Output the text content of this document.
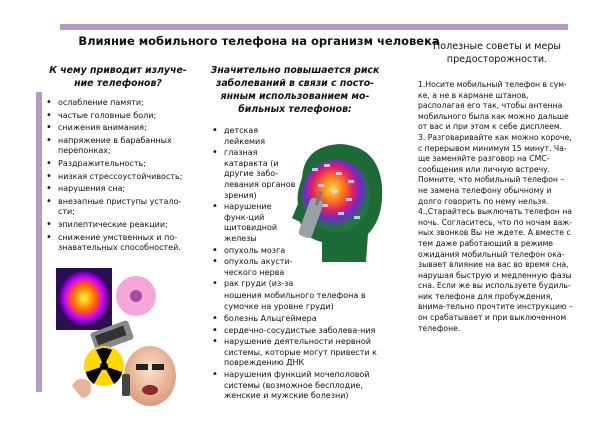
Влияние мобильного телефона на организм человека
К чему приводит излуче-ние телефонов?
• ослабление памяти;
• частые головные боли;
• снижения внимания;
• напряжение в барабанных перепонках;
• Раздражительность;
• низкая стрессоустойчивость;
• нарушения сна;
• внезапные приступы устало-сти;
• эпилептические реакции;
• снижение умственных и по-знавательных способностей.
Значительно повышается риск заболеваний в связи с посто-янным использованием мо-бильных телефонов:
• детская лейкемия
• глазная катаракта (и другие забо-левания органов зрения)
• нарушение функ-ций щитовидной железы
• опухоль мозга
• опухоль акусти-ческого нерва
• рак груди (из-за
ношения мобильного телефона в сумочке на уровне груди)
• болезнь Альцгеймера
• сердечно-сосудистые заболева-ния
• нарушение деятельности нервной системы, которые могут привести к повреждению ДНК
• нарушения функций мочеполовой системы (возможное бесплодие, женские и мужские болезни)
Полезные советы и меры предосторожности.

1.Носите мобильный телефон в сум-ке, а не в кармане штанов, располагая его так, чтобы антенна мобильного была как можно дальше от вас и при этом к себе дисплеем.

3. Разговаривайте как можно короче, с перерывом минимум 15 минут. Ча-ще заменяйте разговор на СМС-сообщения или личную встречу. Помните, что мобильный телефон – не замена телефону обычному и долго говорить по нему нельзя.

4.,Старайтесь выключать телефон на ночь. Согласитесь, что по ночам важ-ных звонков Вы не ждете. А вместе с тем даже работающий в режиме ожидания мобильный телефон ока-зывает влияние на вас во время сна, нарушая быструю и медленную фазы сна. Если же вы используете будиль-ник телефона для пробуждения, внима-тельно прочтите инструкцию – он срабатывает и при выключенном телефоне.
